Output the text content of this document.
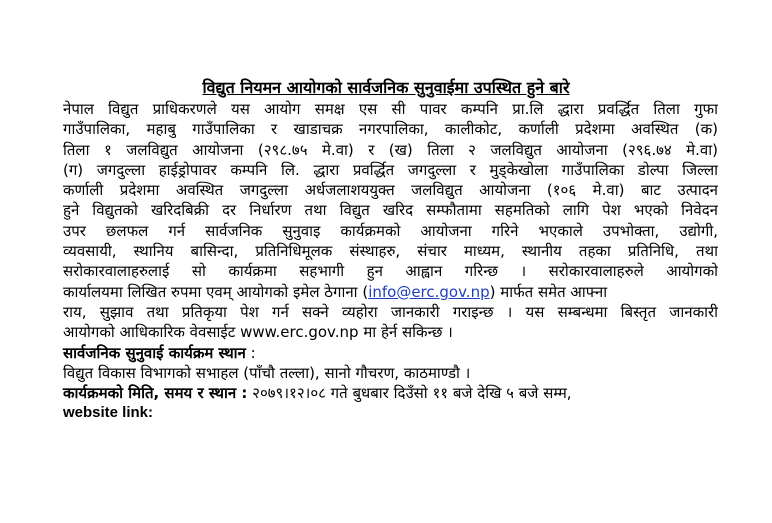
विद्युत नियमन आयोगको सार्वजनिक सुनुवाईमा उपस्थित हुने बारे
नेपाल विद्युत प्राधिकरणले यस आयोग समक्ष एस सी पावर कम्पनि प्रा.लि द्धारा प्रवर्द्धित तिला गुफा
गाउँपालिका, महाबु गाउँपालिका र खाडाचक्र नगरपालिका, कालीकोट, कर्णाली प्रदेशमा अवस्थित (क)
तिला १ जलविद्युत आयोजना (२९८.७५ मे.वा) र (ख) तिला २ जलविद्युत आयोजना (२९६.७४ मे.वा)
(ग) जगदुल्ला हाईड्रोपावर कम्पनि लि. द्धारा प्रवर्द्धित जगदुल्ला र मुड्केखोला गाउँपालिका डोल्पा जिल्ला
कर्णाली प्रदेशमा अवस्थित जगदुल्ला अर्धजलाशययुक्त जलविद्युत आयोजना (१०६ मे.वा) बाट उत्पादन
हुने विद्युतको खरिदबिक्री दर निर्धारण तथा विद्युत खरिद सम्फौतामा सहमतिको लागि पेश भएको निवेदन
उपर छलफल गर्न सार्वजनिक सुनुवाइ कार्यक्रमको आयोजना गरिने भएकाले उपभोक्ता, उद्योगी,
व्यवसायी, स्थानिय बासिन्दा, प्रतिनिधिमूलक संस्थाहरु, संचार माध्यम, स्थानीय तहका प्रतिनिधि, तथा
सरोकारवालाहरुलाई सो कार्यक्रमा सहभागी हुन आह्वान गरिन्छ । सरोकारवालाहरुले आयोगको
कार्यालयमा लिखित रुपमा एवम् आयोगको इमेल ठेगाना (info@erc.gov.np) मार्फत समेत आफ्ना
राय, सुझाव तथा प्रतिकृया पेश गर्न सक्ने व्यहोरा जानकारी गराइन्छ । यस सम्बन्धमा बिस्तृत जानकारी
आयोगको आधिकारिक वेवसाईट www.erc.gov.np मा हेर्न सकिन्छ ।
सार्वजनिक सुनुवाई कार्यक्रम स्थान :
विद्युत विकास विभागको सभाहल (पाँचौ तल्ला), सानो गौचरण, काठमाण्डौ ।
कार्यक्रमको मिति, समय र स्थान : २०७९।१२।०८ गते बुधबार दिउँसो ११ बजे देखि ५ बजे सम्म,
website link:
